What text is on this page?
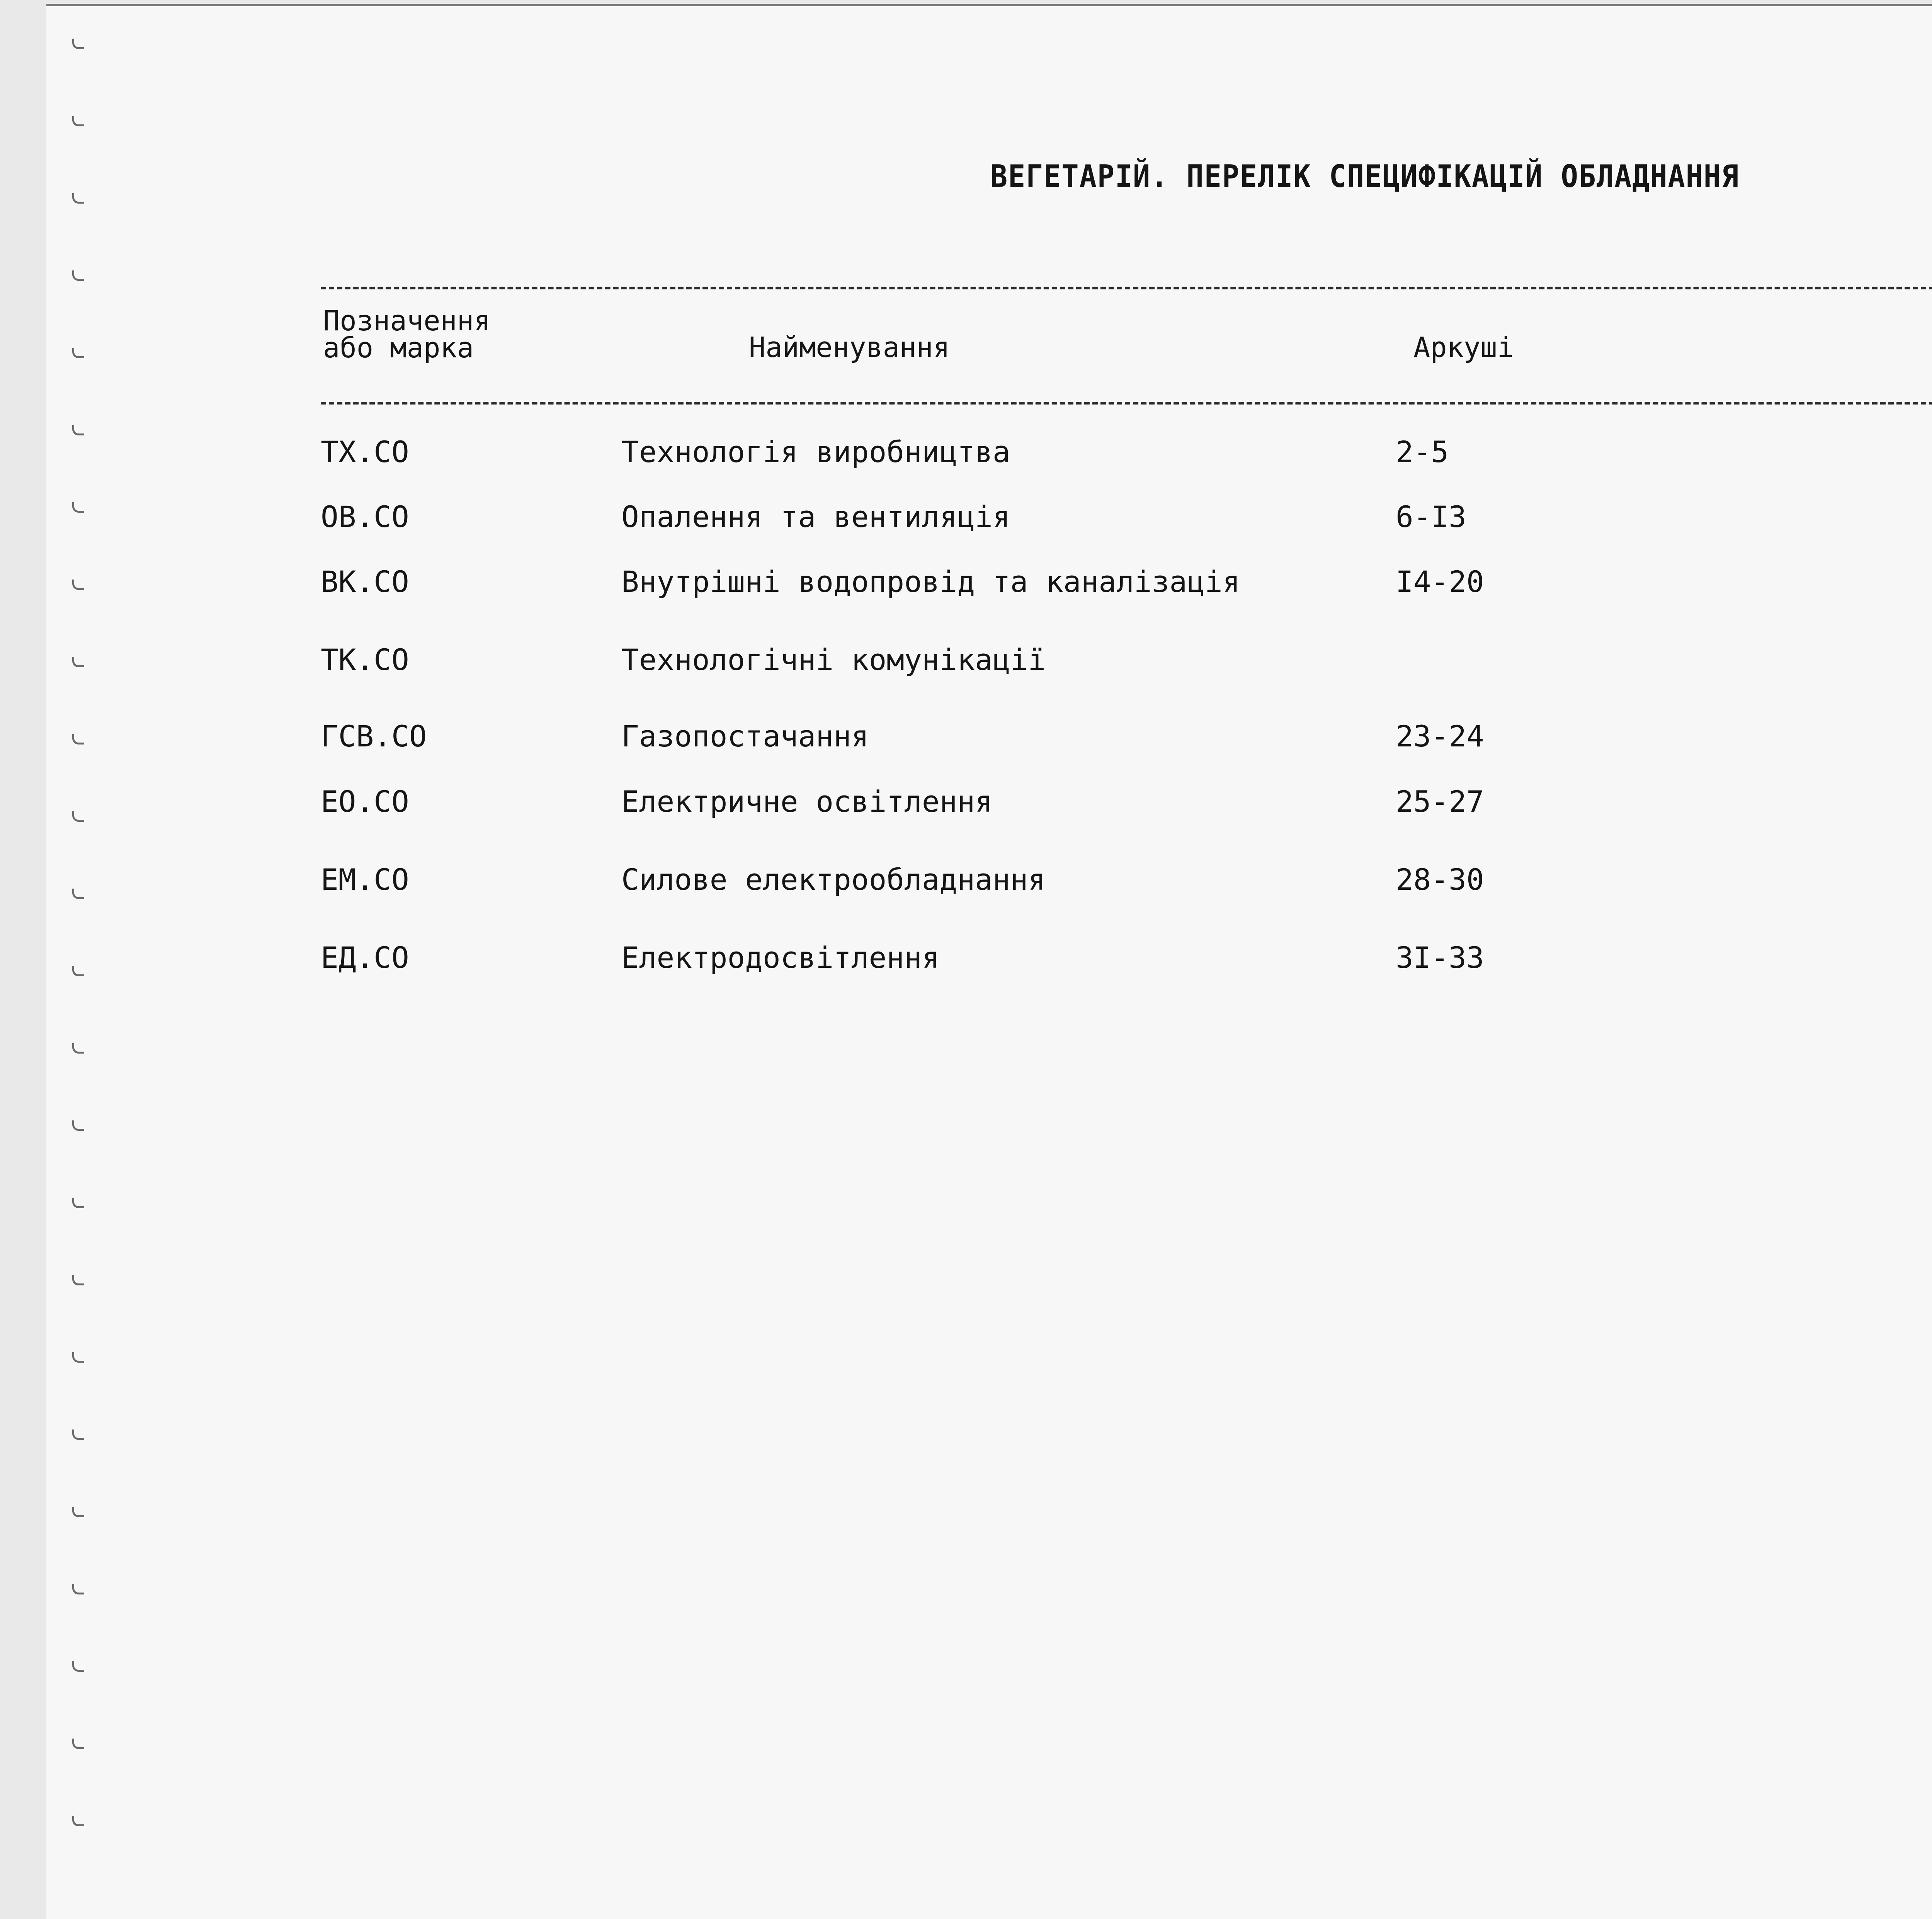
ВЕГЕТАРІЙ. ПЕРЕЛІК СПЕЦИФІКАЦІЙ ОБЛАДНАННЯ
Позначення
або марка	Найменування	Аркуші
ТХ.СО	Технологія виробництва	2-5
ОВ.СО	Опалення та вентиляція	6-I3
ВК.СО	Внутрішні водопровід та каналізація	I4-20
ТК.СО	Технологічні комунікації
ГСВ.СО	Газопостачання	23-24
ЕО.СО	Електричне освітлення	25-27
ЕМ.СО	Силове електрообладнання	28-30
ЕД.СО	Електродосвітлення	3I-33
